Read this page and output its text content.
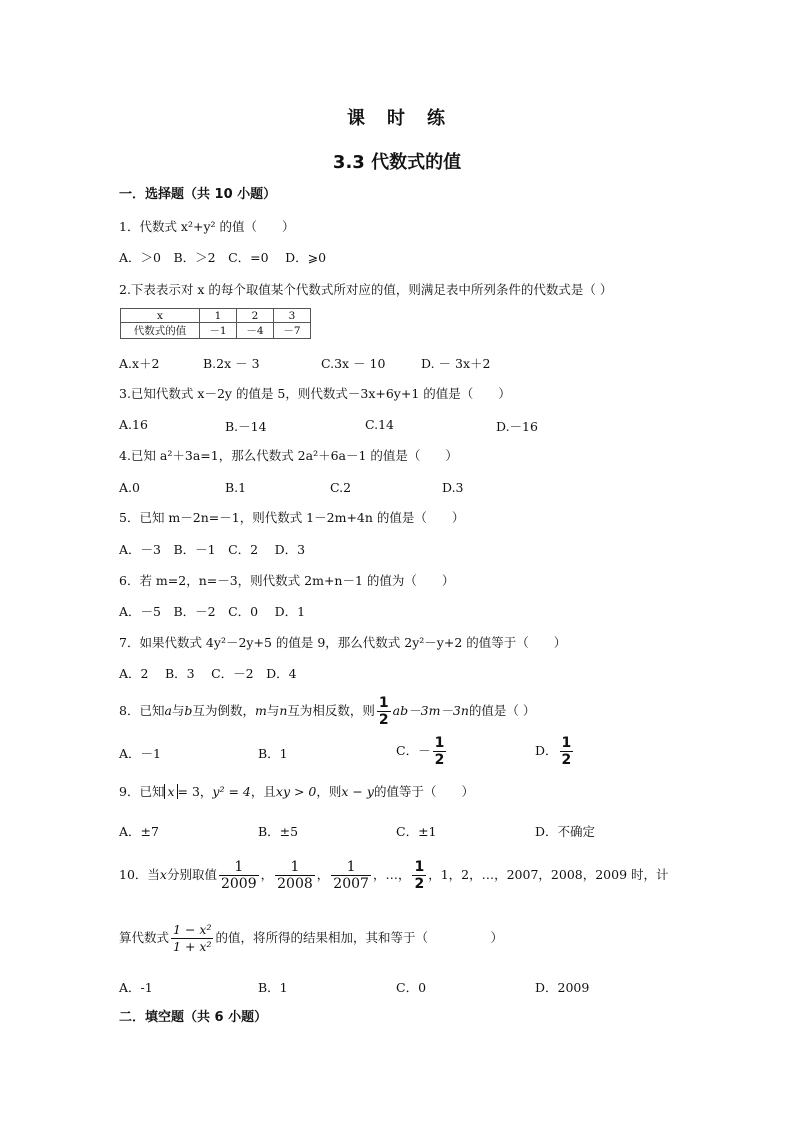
课　时　练
3.3 代数式的值
一．选择题（共 10 小题）
1．代数式 x²+y² 的值（　　）
A．＞0　B．＞2　C．=0　 D．⩾0
2.下表表示对 x 的每个取值某个代数式所对应的值，则满足表中所列条件的代数式是（ ）
x	1	2	3
代数式的值	－1	－4	－7
A.x＋2	B.2x － 3	C.3x － 10	D. － 3x＋2
3.已知代数式 x－2y 的值是 5，则代数式－3x+6y+1 的值是（　　）
A.16	B.－14	C.14	D.－16
4.已知 a²＋3a=1，那么代数式 2a²＋6a－1 的值是（　　）
A.0	B.1	C.2	D.3
5．已知 m－2n=－1，则代数式 1－2m+4n 的值是（　　）
A．－3　B．－1　C．2　 D．3
6．若 m=2，n=－3，则代数式 2m+n－1 的值为（　　）
A．－5　B．－2　C．0　 D．1
7．如果代数式 4y²－2y+5 的值是 9，那么代数式 2y²－y+2 的值等于（　　）
A．2　 B．3　 C．－2　D．4
8．已知a与b互为倒数，m与n互为相反数，则 $\frac{1}{2} ab-3m-3n$的值是（ ）
A．－1	B．1	C．－ $\frac{1}{2}$	D． $\frac{1}{2}$
9．已知 x = 3，y² = 4，且xy > 0，则x − y的值等于（　　）
A．±7	B．±5	C．±1	D．不确定
10．当x分别取值 $\frac{1}{2009}$ ， $\frac{1}{2008}$ ， $\frac{1}{2007}$ ，…， $\frac{1}{2}$ ，1，2，…，2007，2008，2009 时，计
算代数式 $\frac{\text{1 − x²}}{\text{1 + x²}}$ 的值，将所得的结果相加，其和等于（　　　　　）
A．-1	B．1	C．0	D．2009
二．填空题（共 6 小题）
